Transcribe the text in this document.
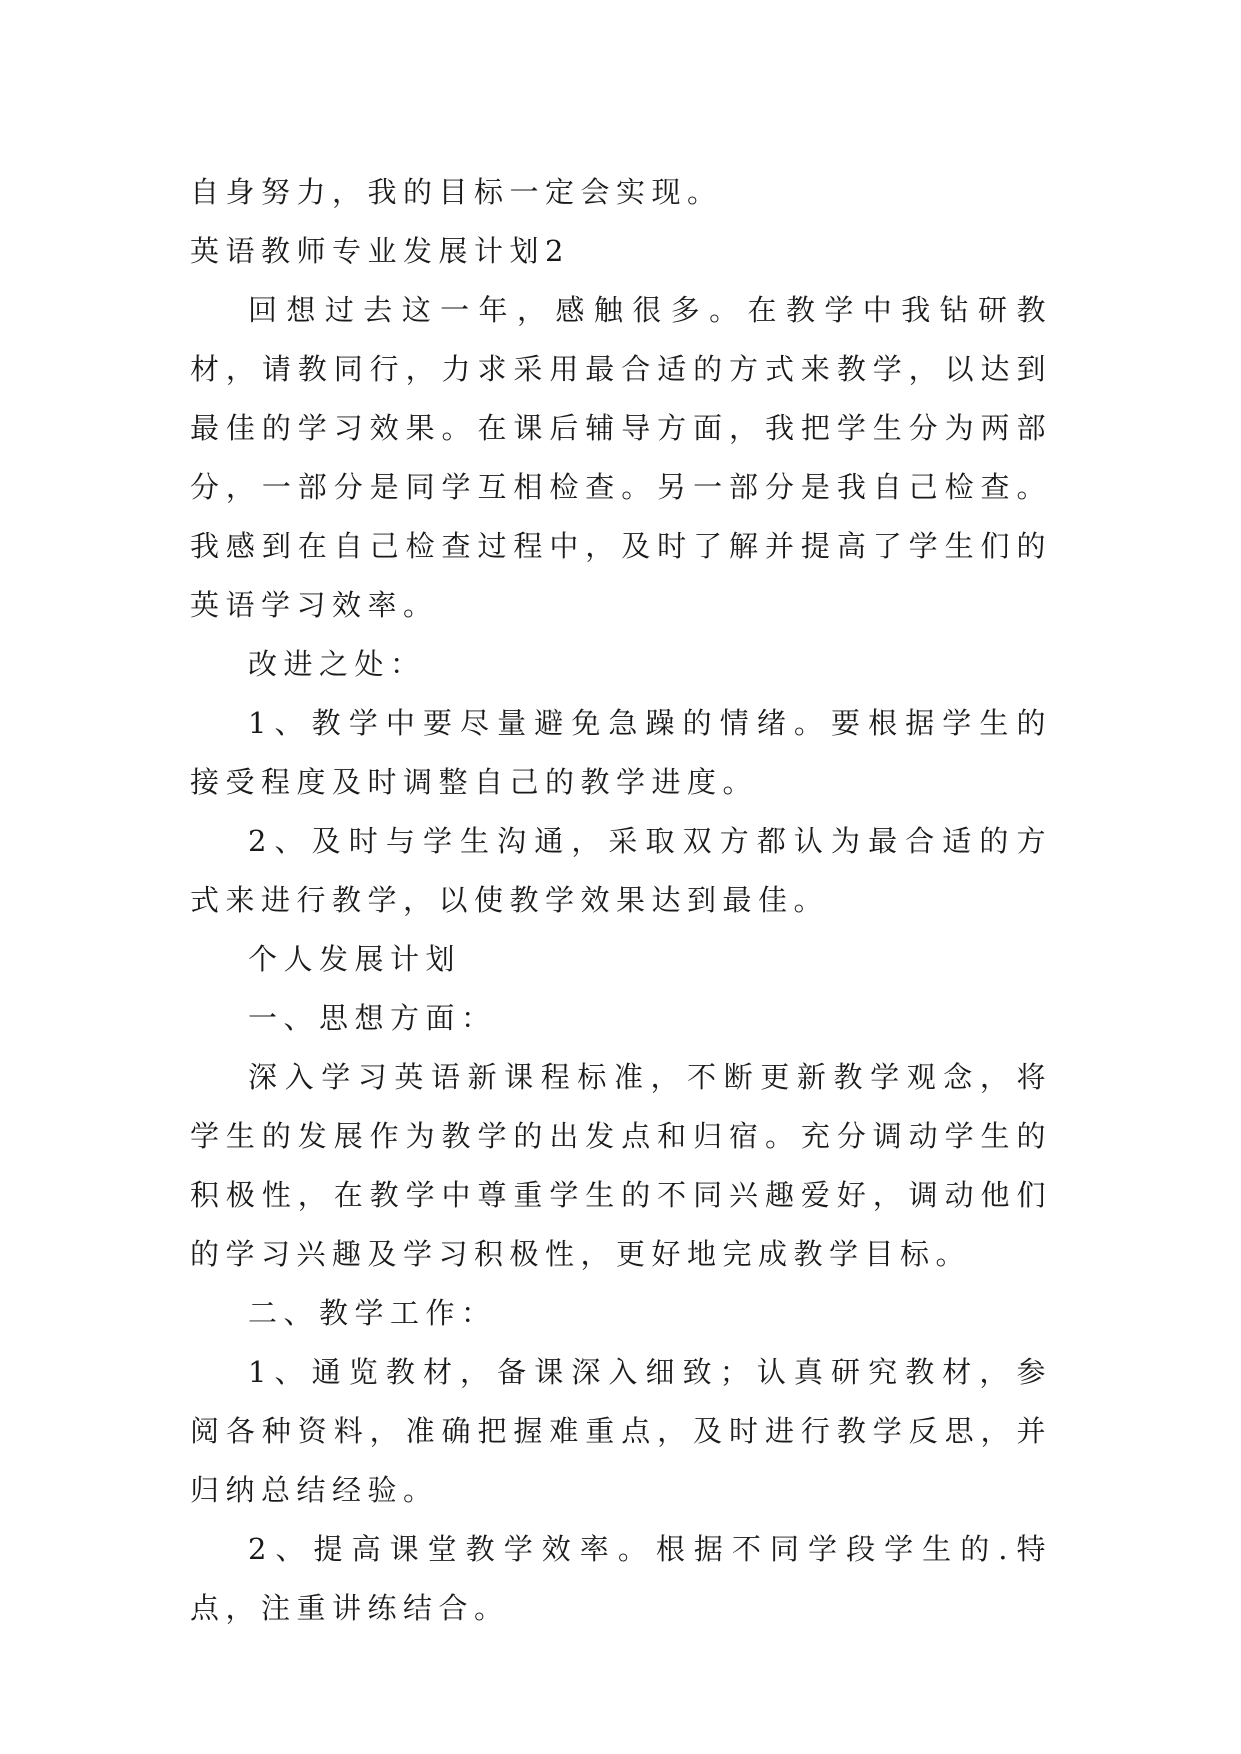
自身努力，我的目标一定会实现。

英语教师专业发展计划2

回想过去这一年，感触很多。在教学中我钻研教材，请教同行，力求采用最合适的方式来教学，以达到最佳的学习效果。在课后辅导方面，我把学生分为两部分，一部分是同学互相检查。另一部分是我自己检查。我感到在自己检查过程中，及时了解并提高了学生们的英语学习效率。

改进之处：

1、教学中要尽量避免急躁的情绪。要根据学生的接受程度及时调整自己的教学进度。

2、及时与学生沟通，采取双方都认为最合适的方式来进行教学，以使教学效果达到最佳。

个人发展计划

一、思想方面：

深入学习英语新课程标准，不断更新教学观念，将学生的发展作为教学的出发点和归宿。充分调动学生的积极性，在教学中尊重学生的不同兴趣爱好，调动他们的学习兴趣及学习积极性，更好地完成教学目标。

二、教学工作：

1、通览教材，备课深入细致；认真研究教材，参阅各种资料，准确把握难重点，及时进行教学反思，并归纳总结经验。

2、提高课堂教学效率。根据不同学段学生的.特点，注重讲练结合。
